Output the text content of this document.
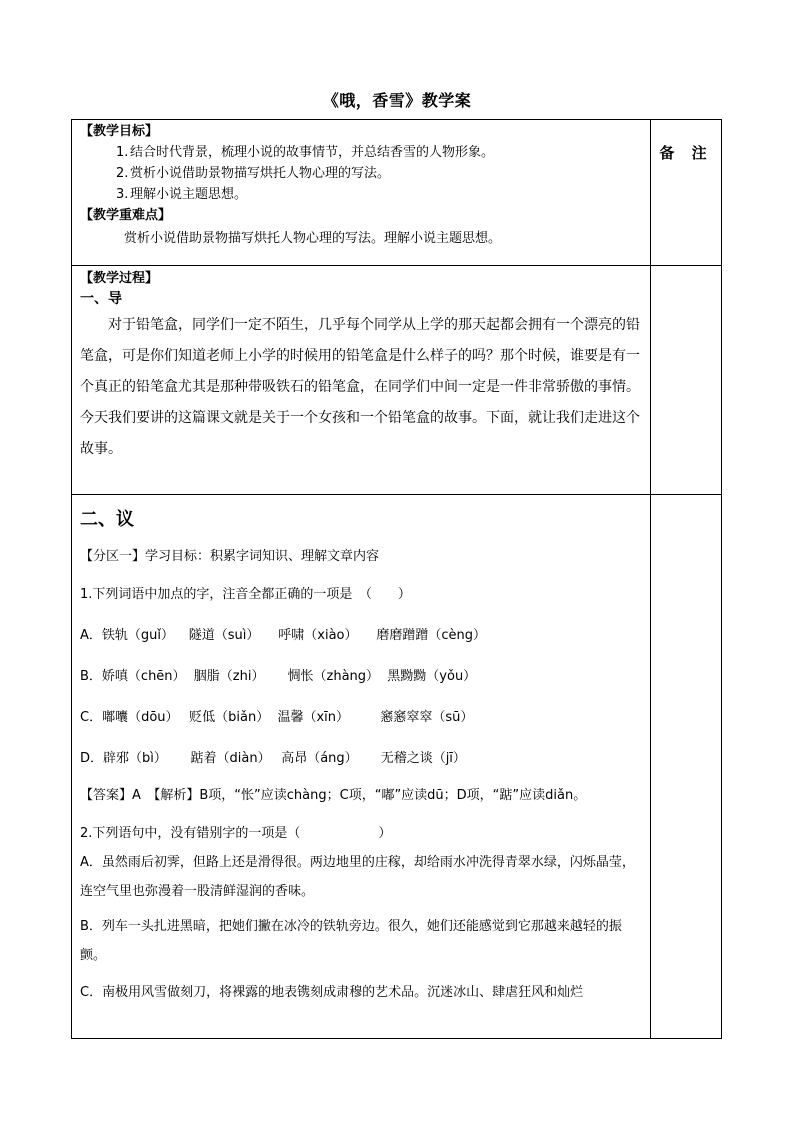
《哦，香雪》教学案
【教学目标】
1. 结合时代背景，梳理小说的故事情节，并总结香雪的人物形象。
2. 赏析小说借助景物描写烘托人物心理的写法。
3. 理解小说主题思想。
【教学重难点】
赏析小说借助景物描写烘托人物心理的写法。理解小说主题思想。
备 注
【教学过程】
一、导

对于铅笔盒，同学们一定不陌生，几乎每个同学从上学的那天起都会拥有一个漂亮的铅笔盒，可是你们知道老师上小学的时候用的铅笔盒是什么样子的吗？那个时候，谁要是有一个真正的铅笔盒尤其是那种带吸铁石的铅笔盒，在同学们中间一定是一件非常骄傲的事情。今天我们要讲的这篇课文就是关于一个女孩和一个铅笔盒的故事。下面，就让我们走进这个故事。

二、议
【分区一】学习目标：积累字词知识、理解文章内容
1.下列词语中加点的字，注音全都正确的一项是　（　　）
A．铁轨（guǐ）　  隧道（suì）　   呼啸（xiào）　   磨磨蹭蹭（cèng）
B．娇嗔（chēn）  胭脂（zhi）　    惆怅（zhàng）  黑黝黝（yǒu）
C．嘟囔（dōu）　 贬低（biǎn）  温馨（xīn）　      窸窸窣窣（sū）
D．辟邪（bì）　　 踮着（diàn）　 高昂（áng）　    无稽之谈（jī）
【答案】A　【解析】B项，“怅”应读chàng；C项，“嘟”应读dū；D项，“踮”应读diǎn。
2.下列语句中，没有错别字的一项是（　　　　　　）
A．虽然雨后初霁，但路上还是滑得很。两边地里的庄稼，却给雨水冲洗得青翠水绿，闪烁晶莹，连空气里也弥漫着一股清鲜湿润的香味。
B．列车一头扎进黑暗，把她们撇在冰冷的铁轨旁边。很久，她们还能感觉到它那越来越轻的振颤。
C．南极用风雪做刻刀，将裸露的地表镌刻成肃穆的艺术品。沉迷冰山、肆虐狂风和灿烂
